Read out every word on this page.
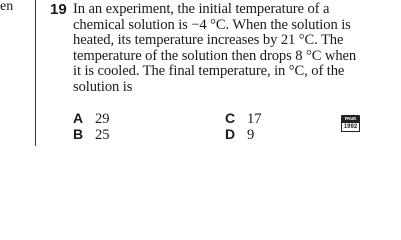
en 19 In an experiment, the initial temperature of a
chemical solution is −4 °C. When the solution is
heated, its temperature increases by 21 °C. The
temperature of the solution then drops 8 °C when
it is cooled. The final temperature, in °C, of the
solution is
A 29
B 25
C 17
D 9
PAUK
1992
